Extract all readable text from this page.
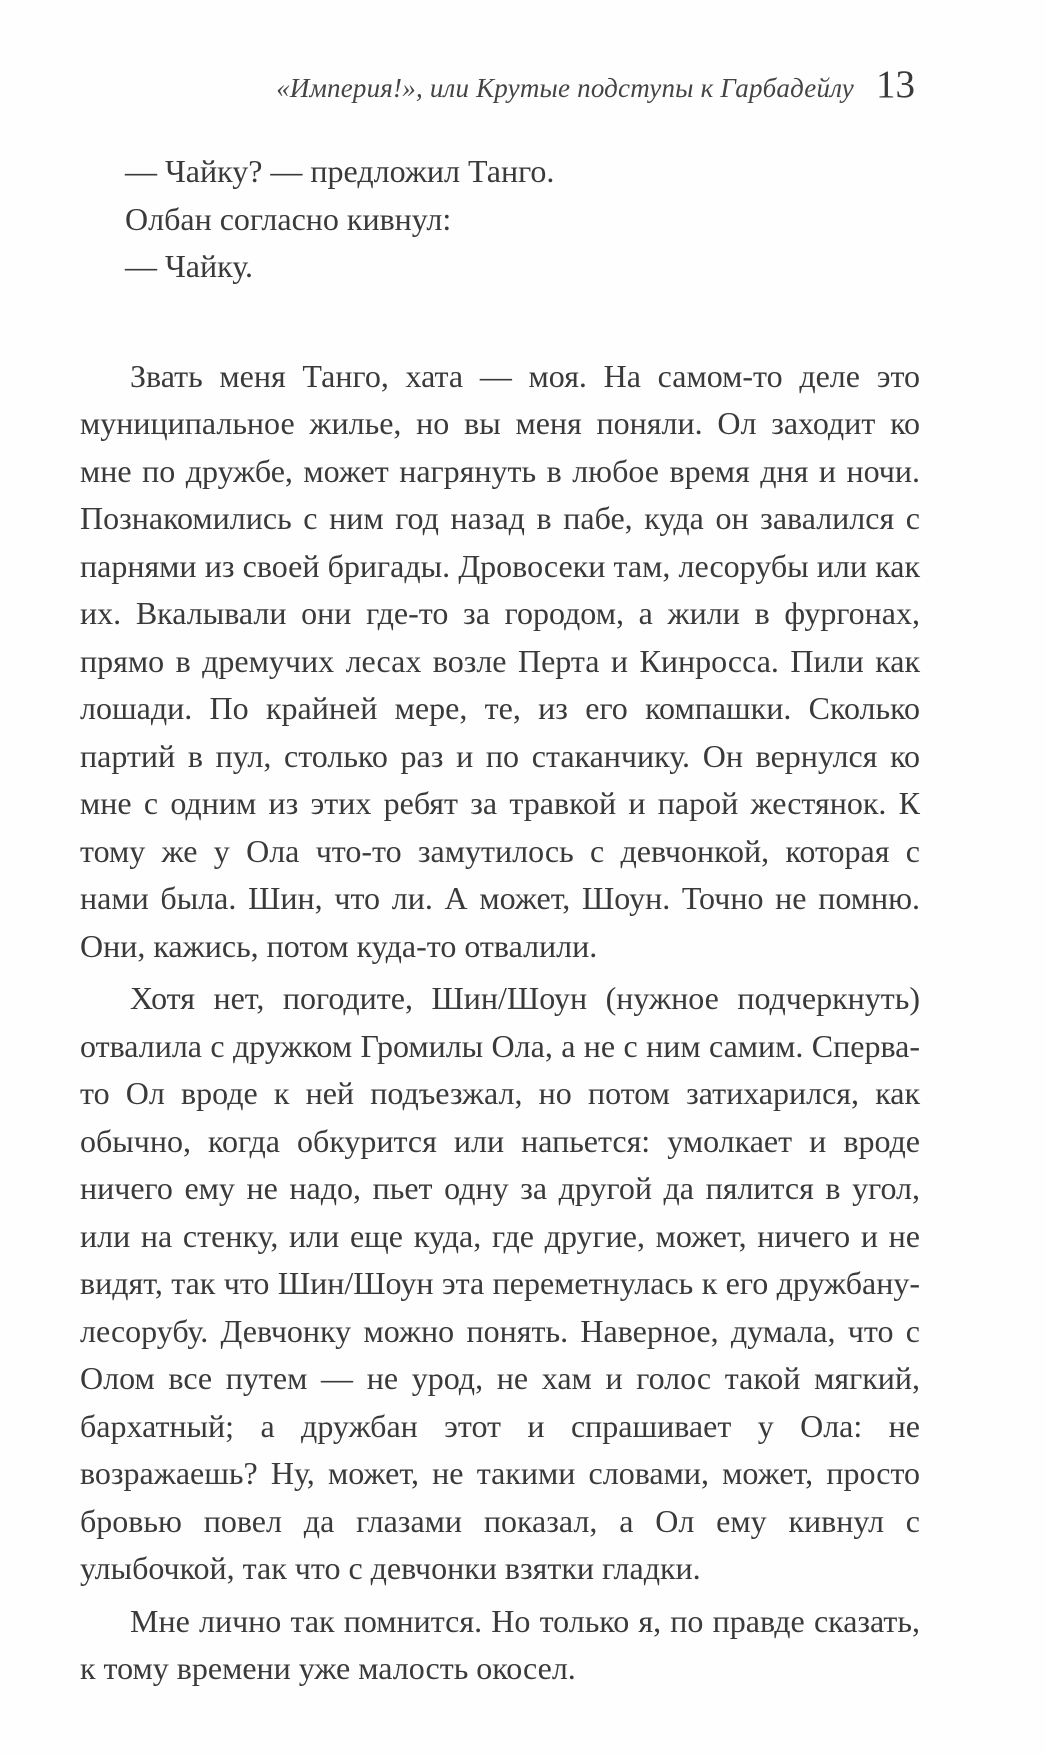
«Империя!», или Крутые подступы к Гарбадейлу 13

— Чайку? — предложил Танго.

Олбан согласно кивнул:

— Чайку.

Звать меня Танго, хата — моя. На самом-то деле это муниципальное жилье, но вы меня поняли. Ол заходит ко мне по дружбе, может нагрянуть в любое время дня и ночи. Познакомились с ним год назад в пабе, куда он завалился с парнями из своей бригады. Дровосеки там, лесорубы или как их. Вкалывали они где-то за городом, а жили в фургонах, прямо в дремучих лесах возле Перта и Кинросса. Пили как лошади. По крайней мере, те, из его компашки. Сколько партий в пул, столько раз и по стаканчику. Он вернулся ко мне с одним из этих ребят за травкой и парой жестянок. К тому же у Ола что-то замутилось с девчонкой, которая с нами была. Шин, что ли. А может, Шоун. Точно не помню. Они, кажись, потом куда-то отвалили.

Хотя нет, погодите, Шин/Шоун (нужное подчеркнуть) отвалила с дружком Громилы Ола, а не с ним самим. Сперва-то Ол вроде к ней подъезжал, но потом затихарился, как обычно, когда обкурится или напьется: умолкает и вроде ничего ему не надо, пьет одну за другой да пялится в угол, или на стенку, или еще куда, где другие, может, ничего и не видят, так что Шин/Шоун эта переметнулась к его дружбану-лесорубу. Девчонку можно понять. Наверное, думала, что с Олом все путем — не урод, не хам и голос такой мягкий, бархатный; а дружбан этот и спрашивает у Ола: не возражаешь? Ну, может, не такими словами, может, просто бровью повел да глазами показал, а Ол ему кивнул с улыбочкой, так что с девчонки взятки гладки.

Мне лично так помнится. Но только я, по правде сказать, к тому времени уже малость окосел.
